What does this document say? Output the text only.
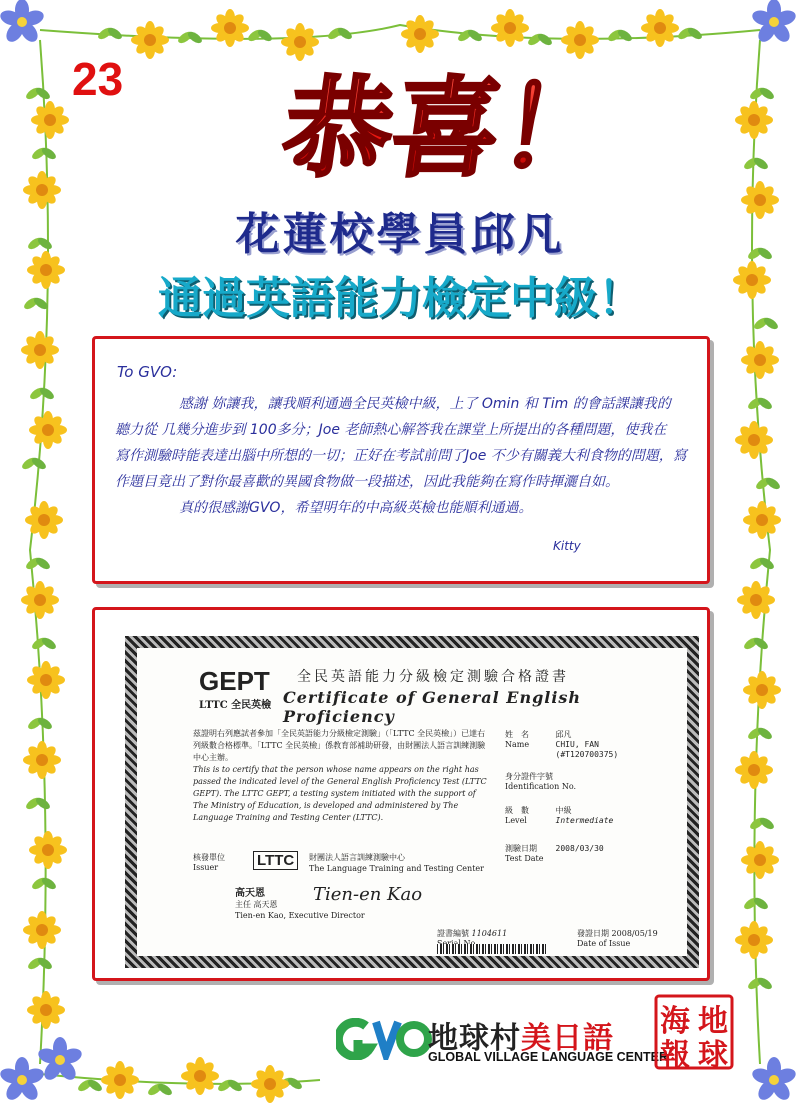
23 恭喜！
花蓮校學員邱凡
通過英語能力檢定中級！
To GVO:

感謝 妳讓我，讓我順利通過全民英檢中級，上了 Omin 和 Tim 的會話課讓我的

聽力從 几幾分進步到 100多分；Joe 老師熱心解答我在課堂上所提出的各種問題，使我在

寫作測驗時能表達出腦中所想的一切；正好在考試前問了Joe 不少有關義大利食物的問題，寫

作題目竟出了對你最喜歡的異國食物做一段描述，因此我能夠在寫作時揮灑自如。

真的很感謝GVO，希望明年的中高級英檢也能順利通過。

Kitty
GEPT
LTTC 全民英檢
全民英語能力分級檢定測驗合格證書
Certificate of General English Proficiency
茲證明右列應試者參加「全民英語能力分級檢定測驗」（「LTTC 全民英檢」）已達右列級數合格標準。「LTTC 全民英檢」係教育部補助研發，由財團法人語言訓練測驗中心主辦。
This is to certify that the person whose name appears on the right has passed the indicated level of the General English Proficiency Test (LTTC GEPT). The LTTC GEPT, a testing system initiated with the support of The Ministry of Education, is developed and administered by The Language Training and Testing Center (LTTC).
姓　名
Name 邱凡
CHIU, FAN
(#T120700375)
身分證件字號
Identification No.
級　數
Level 中級
Intermediate
測驗日期
Test Date 2008/03/30
核發單位
Issuer	LTTC	財團法人語言訓練測驗中心
The Language Training and Testing Center
高天恩
主任 高天恩
Tien-en Kao, Executive Director
Tien-en Kao
證書編號 1104611	發證日期 2008/05/19
Date of Issue
地球村美日語
GLOBAL VILLAGE LANGUAGE CENTER
地
球
海
報
